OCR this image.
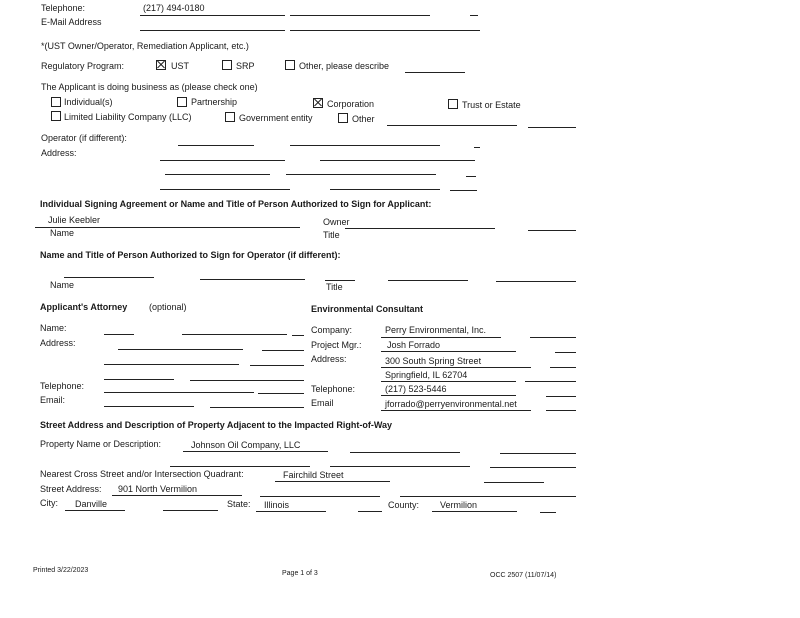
Telephone:	(217) 494-0180
E-Mail Address
*(UST Owner/Operator, Remediation Applicant, etc.)
Regulatory Program:	UST	SRP	Other, please describe
The Applicant is doing business as (please check one)
Individual(s)	Partnership	Corporation	Trust or Estate
Limited Liability Company (LLC)	Government entity	Other
Operator (if different):
Address:
Individual Signing Agreement or Name and Title of Person Authorized to Sign for Applicant:
Julie Keebler
Name
Owner
Title
Name and Title of Person Authorized to Sign for Operator (if different):
Name	Title
Applicant's Attorney (optional)
Name:
Address:
Telephone:
Email:
Environmental Consultant
Company:	Perry Environmental, Inc.
Project Mgr.:	Josh Forrado
Address:	300 South Spring Street
Springfield, IL 62704
Telephone:	(217) 523-5446
Email	jforrado@perryenvironmental.net
Street Address and Description of Property Adjacent to the Impacted Right-of-Way
Property Name or Description:	Johnson Oil Company, LLC
Nearest Cross Street and/or Intersection Quadrant:	Fairchild Street
Street Address: 901 North Vermilion
City: Danville	State: Illinois	County: Vermilion
Printed 3/22/2023	Page 1 of 3	OCC 2507 (11/07/14)
